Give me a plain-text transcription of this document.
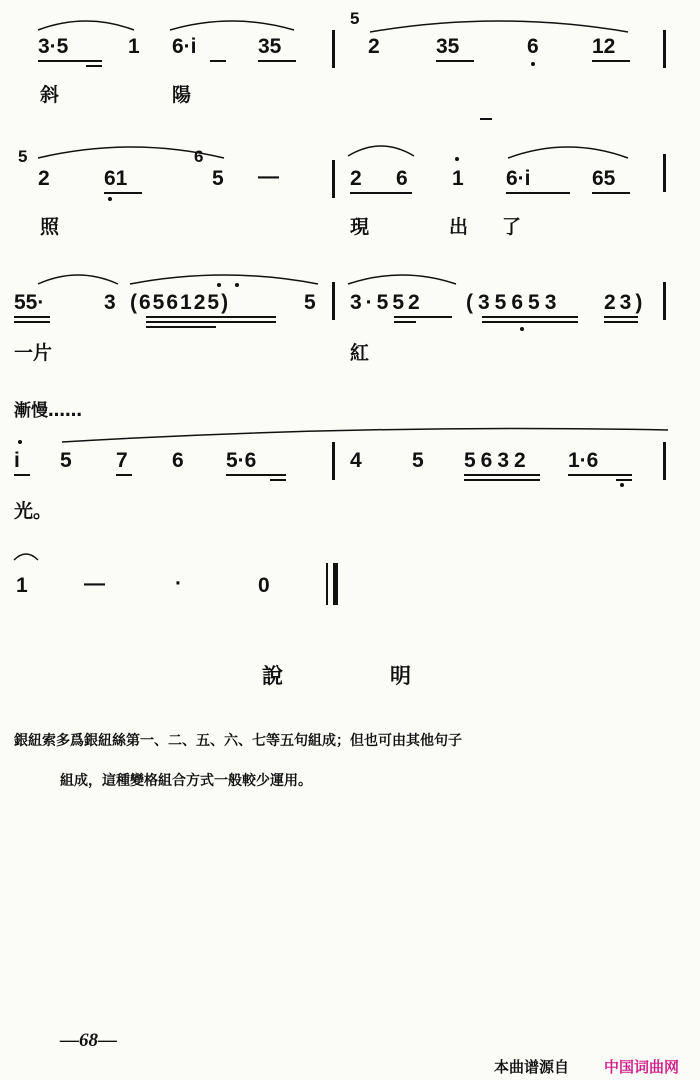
3·5	1 6·i	35
5
2	35	6	12
斜	陽
5
2	61
6
5 —	2 6 1 6·i	65
照	現	出 了
55·	3 (656125)	5 3·552 (35653 23)
一片	紅
漸慢……
i 5 7 6 5·6	4 5 5632 1·6
光。
1	—	·	0
說	明
銀紐索多爲銀紐絲第一、二、五、六、七等五句組成；但也可由其他句子
組成，這種變格組合方式一般較少運用。
—68—
本曲谱源自 中国词曲网
